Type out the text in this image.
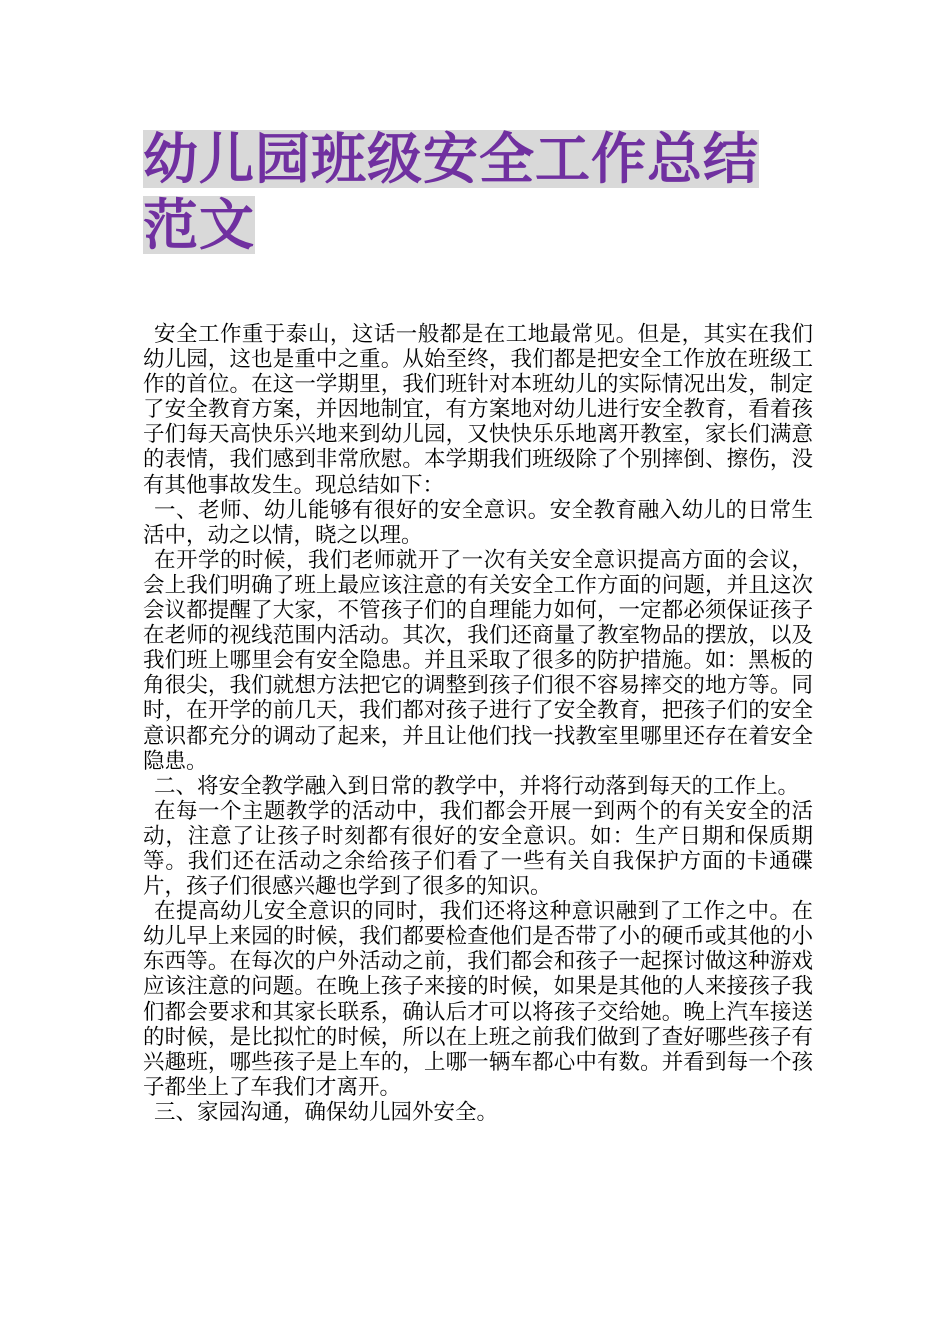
幼儿园班级安全工作总结
范文

安全工作重于泰山，这话一般都是在工地最常见。但是，其实在我们幼儿园，这也是重中之重。从始至终，我们都是把安全工作放在班级工作的首位。在这一学期里，我们班针对本班幼儿的实际情况出发，制定了安全教育方案，并因地制宜，有方案地对幼儿进行安全教育，看着孩子们每天高快乐兴地来到幼儿园，又快快乐乐地离开教室，家长们满意的表情，我们感到非常欣慰。本学期我们班级除了个别摔倒、擦伤，没有其他事故发生。现总结如下：

一、老师、幼儿能够有很好的安全意识。安全教育融入幼儿的日常生活中，动之以情，晓之以理。

在开学的时候，我们老师就开了一次有关安全意识提高方面的会议，会上我们明确了班上最应该注意的有关安全工作方面的问题，并且这次会议都提醒了大家，不管孩子们的自理能力如何，一定都必须保证孩子在老师的视线范围内活动。其次，我们还商量了教室物品的摆放，以及我们班上哪里会有安全隐患。并且采取了很多的防护措施。如：黑板的角很尖，我们就想方法把它的调整到孩子们很不容易摔交的地方等。同时，在开学的前几天，我们都对孩子进行了安全教育，把孩子们的安全意识都充分的调动了起来，并且让他们找一找教室里哪里还存在着安全隐患。

二、将安全教学融入到日常的教学中，并将行动落到每天的工作上。

在每一个主题教学的活动中，我们都会开展一到两个的有关安全的活动，注意了让孩子时刻都有很好的安全意识。如：生产日期和保质期等。我们还在活动之余给孩子们看了一些有关自我保护方面的卡通碟片，孩子们很感兴趣也学到了很多的知识。

在提高幼儿安全意识的同时，我们还将这种意识融到了工作之中。在幼儿早上来园的时候，我们都要检查他们是否带了小的硬币或其他的小东西等。在每次的户外活动之前，我们都会和孩子一起探讨做这种游戏应该注意的问题。在晚上孩子来接的时候，如果是其他的人来接孩子我们都会要求和其家长联系，确认后才可以将孩子交给她。晚上汽车接送的时候，是比拟忙的时候，所以在上班之前我们做到了查好哪些孩子有兴趣班，哪些孩子是上车的，上哪一辆车都心中有数。并看到每一个孩子都坐上了车我们才离开。

三、家园沟通，确保幼儿园外安全。
